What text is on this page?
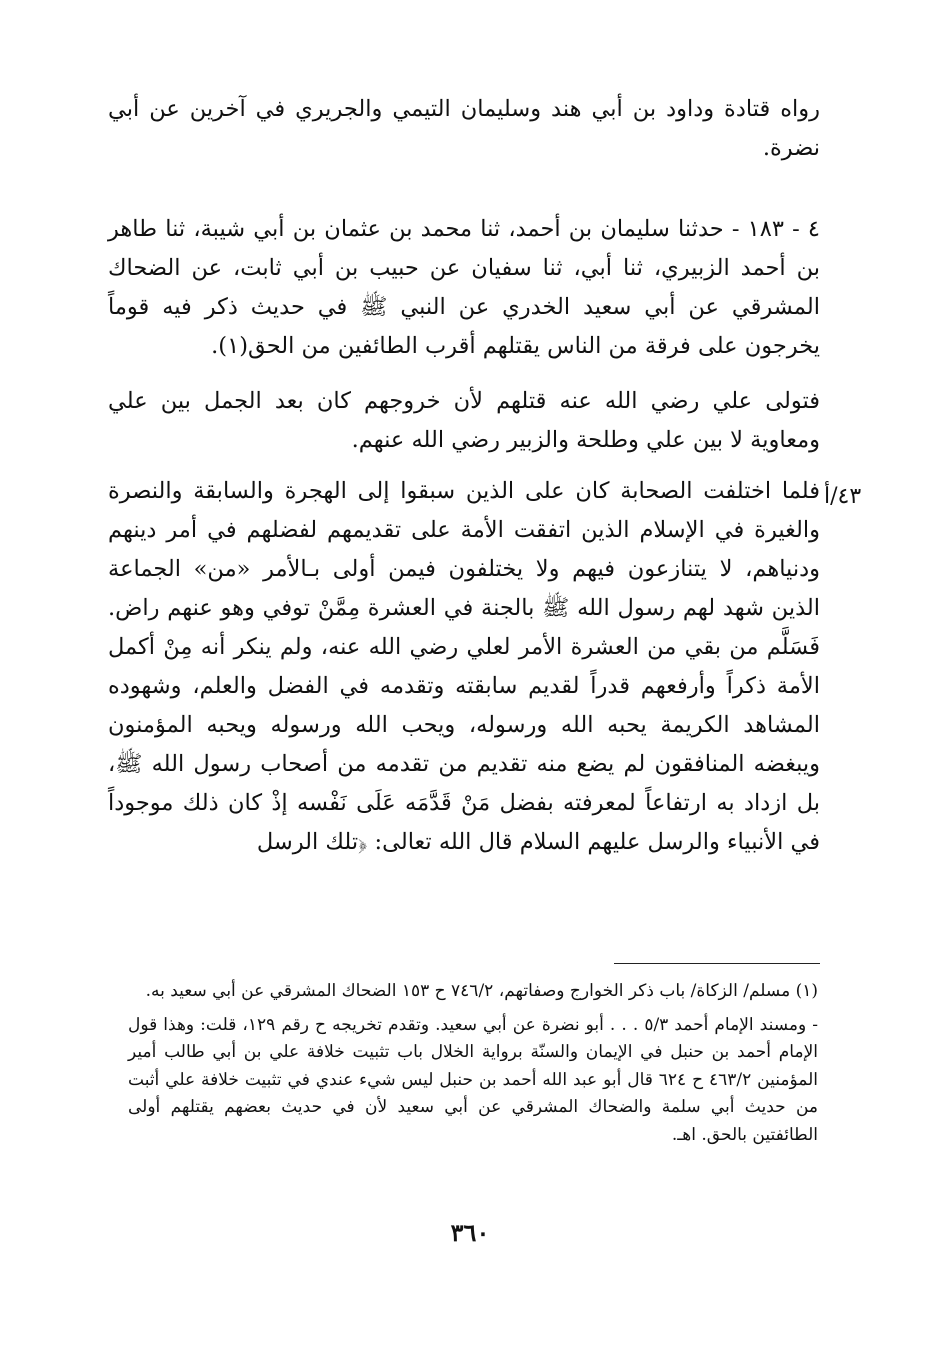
رواه قتادة وداود بن أبي هند وسليمان التيمي والجريري في آخرين عن أبي نضرة.

٤ - ١٨٣ - حدثنا سليمان بن أحمد، ثنا محمد بن عثمان بن أبي شيبة، ثنا طاهر بن أحمد الزبيري، ثنا أبي، ثنا سفيان عن حبيب بن أبي ثابت، عن الضحاك المشرقي عن أبي سعيد الخدري عن النبي ﷺ في حديث ذكر فيه قوماً يخرجون على فرقة من الناس يقتلهم أقرب الطائفين من الحق(١).

فتولى علي رضي الله عنه قتلهم لأن خروجهم كان بعد الجمل بين علي ومعاوية لا بين علي وطلحة والزبير رضي الله عنهم.

فلما اختلفت الصحابة كان على الذين سبقوا إلى الهجرة والسابقة والنصرة والغيرة في الإسلام الذين اتفقت الأمة على تقديمهم لفضلهم في أمر دينهم ودنياهم، لا يتنازعون فيهم ولا يختلفون فيمن أولى بـالأمر «من» الجماعة الذين شهد لهم رسول الله ﷺ بالجنة في العشرة مِمَّنْ توفي وهو عنهم راض. فَسَلَّم من بقي من العشرة الأمر لعلي رضي الله عنه، ولم ينكر أنه مِنْ أكمل الأمة ذكراً وأرفعهم قدراً لقديم سابقته وتقدمه في الفضل والعلم، وشهوده المشاهد الكريمة يحبه الله ورسوله، ويحب الله ورسوله ويحبه المؤمنون ويبغضه المنافقون لم يضع منه تقديم من تقدمه من أصحاب رسول الله ﷺ، بل ازداد به ارتفاعاً لمعرفته بفضل مَنْ قَدَّمَه عَلَى نَفْسه إذْ كان ذلك موجوداً في الأنبياء والرسل عليهم السلام قال الله تعالى: ﴿تلك الرسل

٤٣/أ

(١) مسلم/ الزكاة/ باب ذكر الخوارج وصفاتهم، ٧٤٦/٢ ح ١٥٣ الضحاك المشرقي عن أبي سعيد به.

- ومسند الإمام أحمد ٥/٣ . . . أبو نضرة عن أبي سعيد. وتقدم تخريجه ح رقم ١٢٩، قلت: وهذا قول الإمام أحمد بن حنبل في الإيمان والسنّة برواية الخلال باب تثبيت خلافة علي بن أبي طالب أمير المؤمنين ٤٦٣/٢ ح ٦٢٤ قال أبو عبد الله أحمد بن حنبل ليس شيء عندي في تثبيت خلافة علي أثبت من حديث أبي سلمة والضحاك المشرقي عن أبي سعيد لأن في حديث بعضهم يقتلهم أولى الطائفتين بالحق. اهـ.

٣٦٠
